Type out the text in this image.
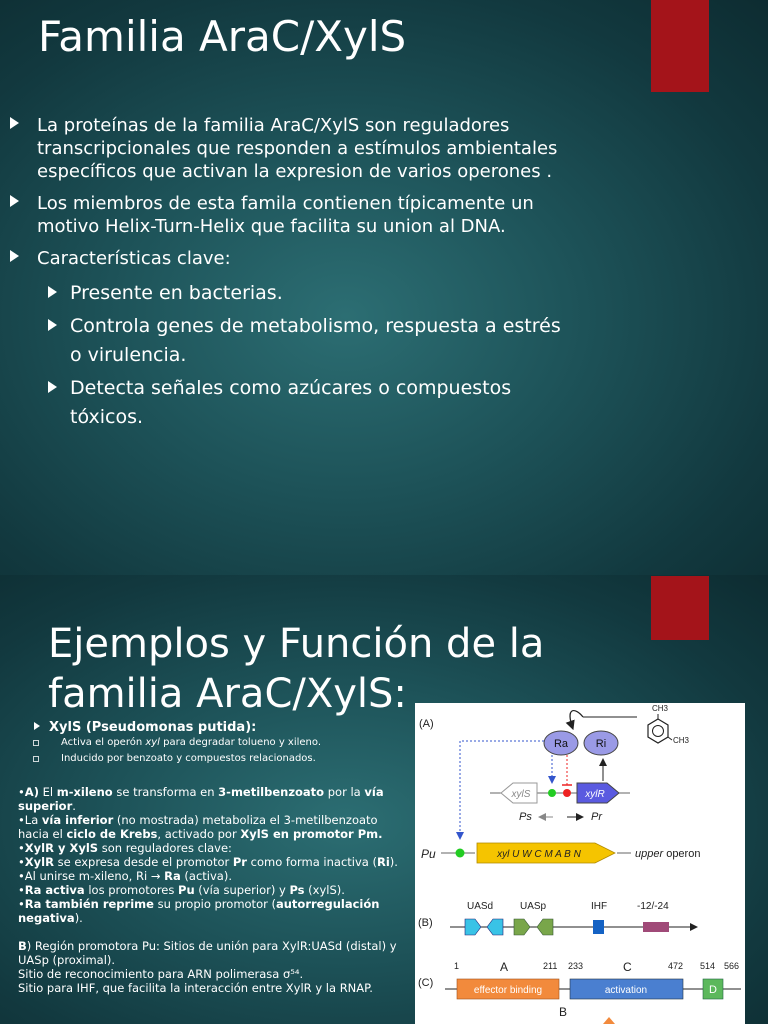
Familia AraC/XylS
La proteínas de la familia AraC/XylS son reguladores transcripcionales que responden a estímulos ambientales específicos que activan la expresion de varios operones .
Los miembros de esta famila contienen típicamente un motivo Helix-Turn-Helix que facilita su union al DNA.
Características clave:
Presente en bacterias.
Controla genes de metabolismo, respuesta a estrés o virulencia.
Detecta señales como azúcares o compuestos tóxicos.
Ejemplos y Función de la familia AraC/XylS:
XylS (Pseudomonas putida):
Activa el operón xyl para degradar tolueno y xileno.
Inducido por benzoato y compuestos relacionados.

•A) El m-xileno se transforma en 3-metilbenzoato por la vía superior.

•La vía inferior (no mostrada) metaboliza el 3-metilbenzoato hacia el ciclo de Krebs, activado por XylS en promotor Pm.

•XylR y XylS son reguladores clave:

•XylR se expresa desde el promotor Pr como forma inactiva (Ri).

•Al unirse m-xileno, Ri → Ra (activa).

•Ra activa los promotores Pu (vía superior) y Ps (xylS).

•Ra también reprime su propio promotor (autorregulación negativa).

B) Región promotora Pu: Sitios de unión para XylR:UASd (distal) y UASp (proximal).

Sitio de reconocimiento para ARN polimerasa σ⁵⁴.

Sitio para IHF, que facilita la interacción entre XylR y la RNAP.

(A)
CH3
CH3
Ra	Ri
xylS	xylR
Ps	Pr
Pu	xyl U W C M A B N	upper operon
(B)
UASd	UASp	IHF	-12/-24
(C)
1	A	211 233	C	472 514 566
effector binding	activation	D
B
